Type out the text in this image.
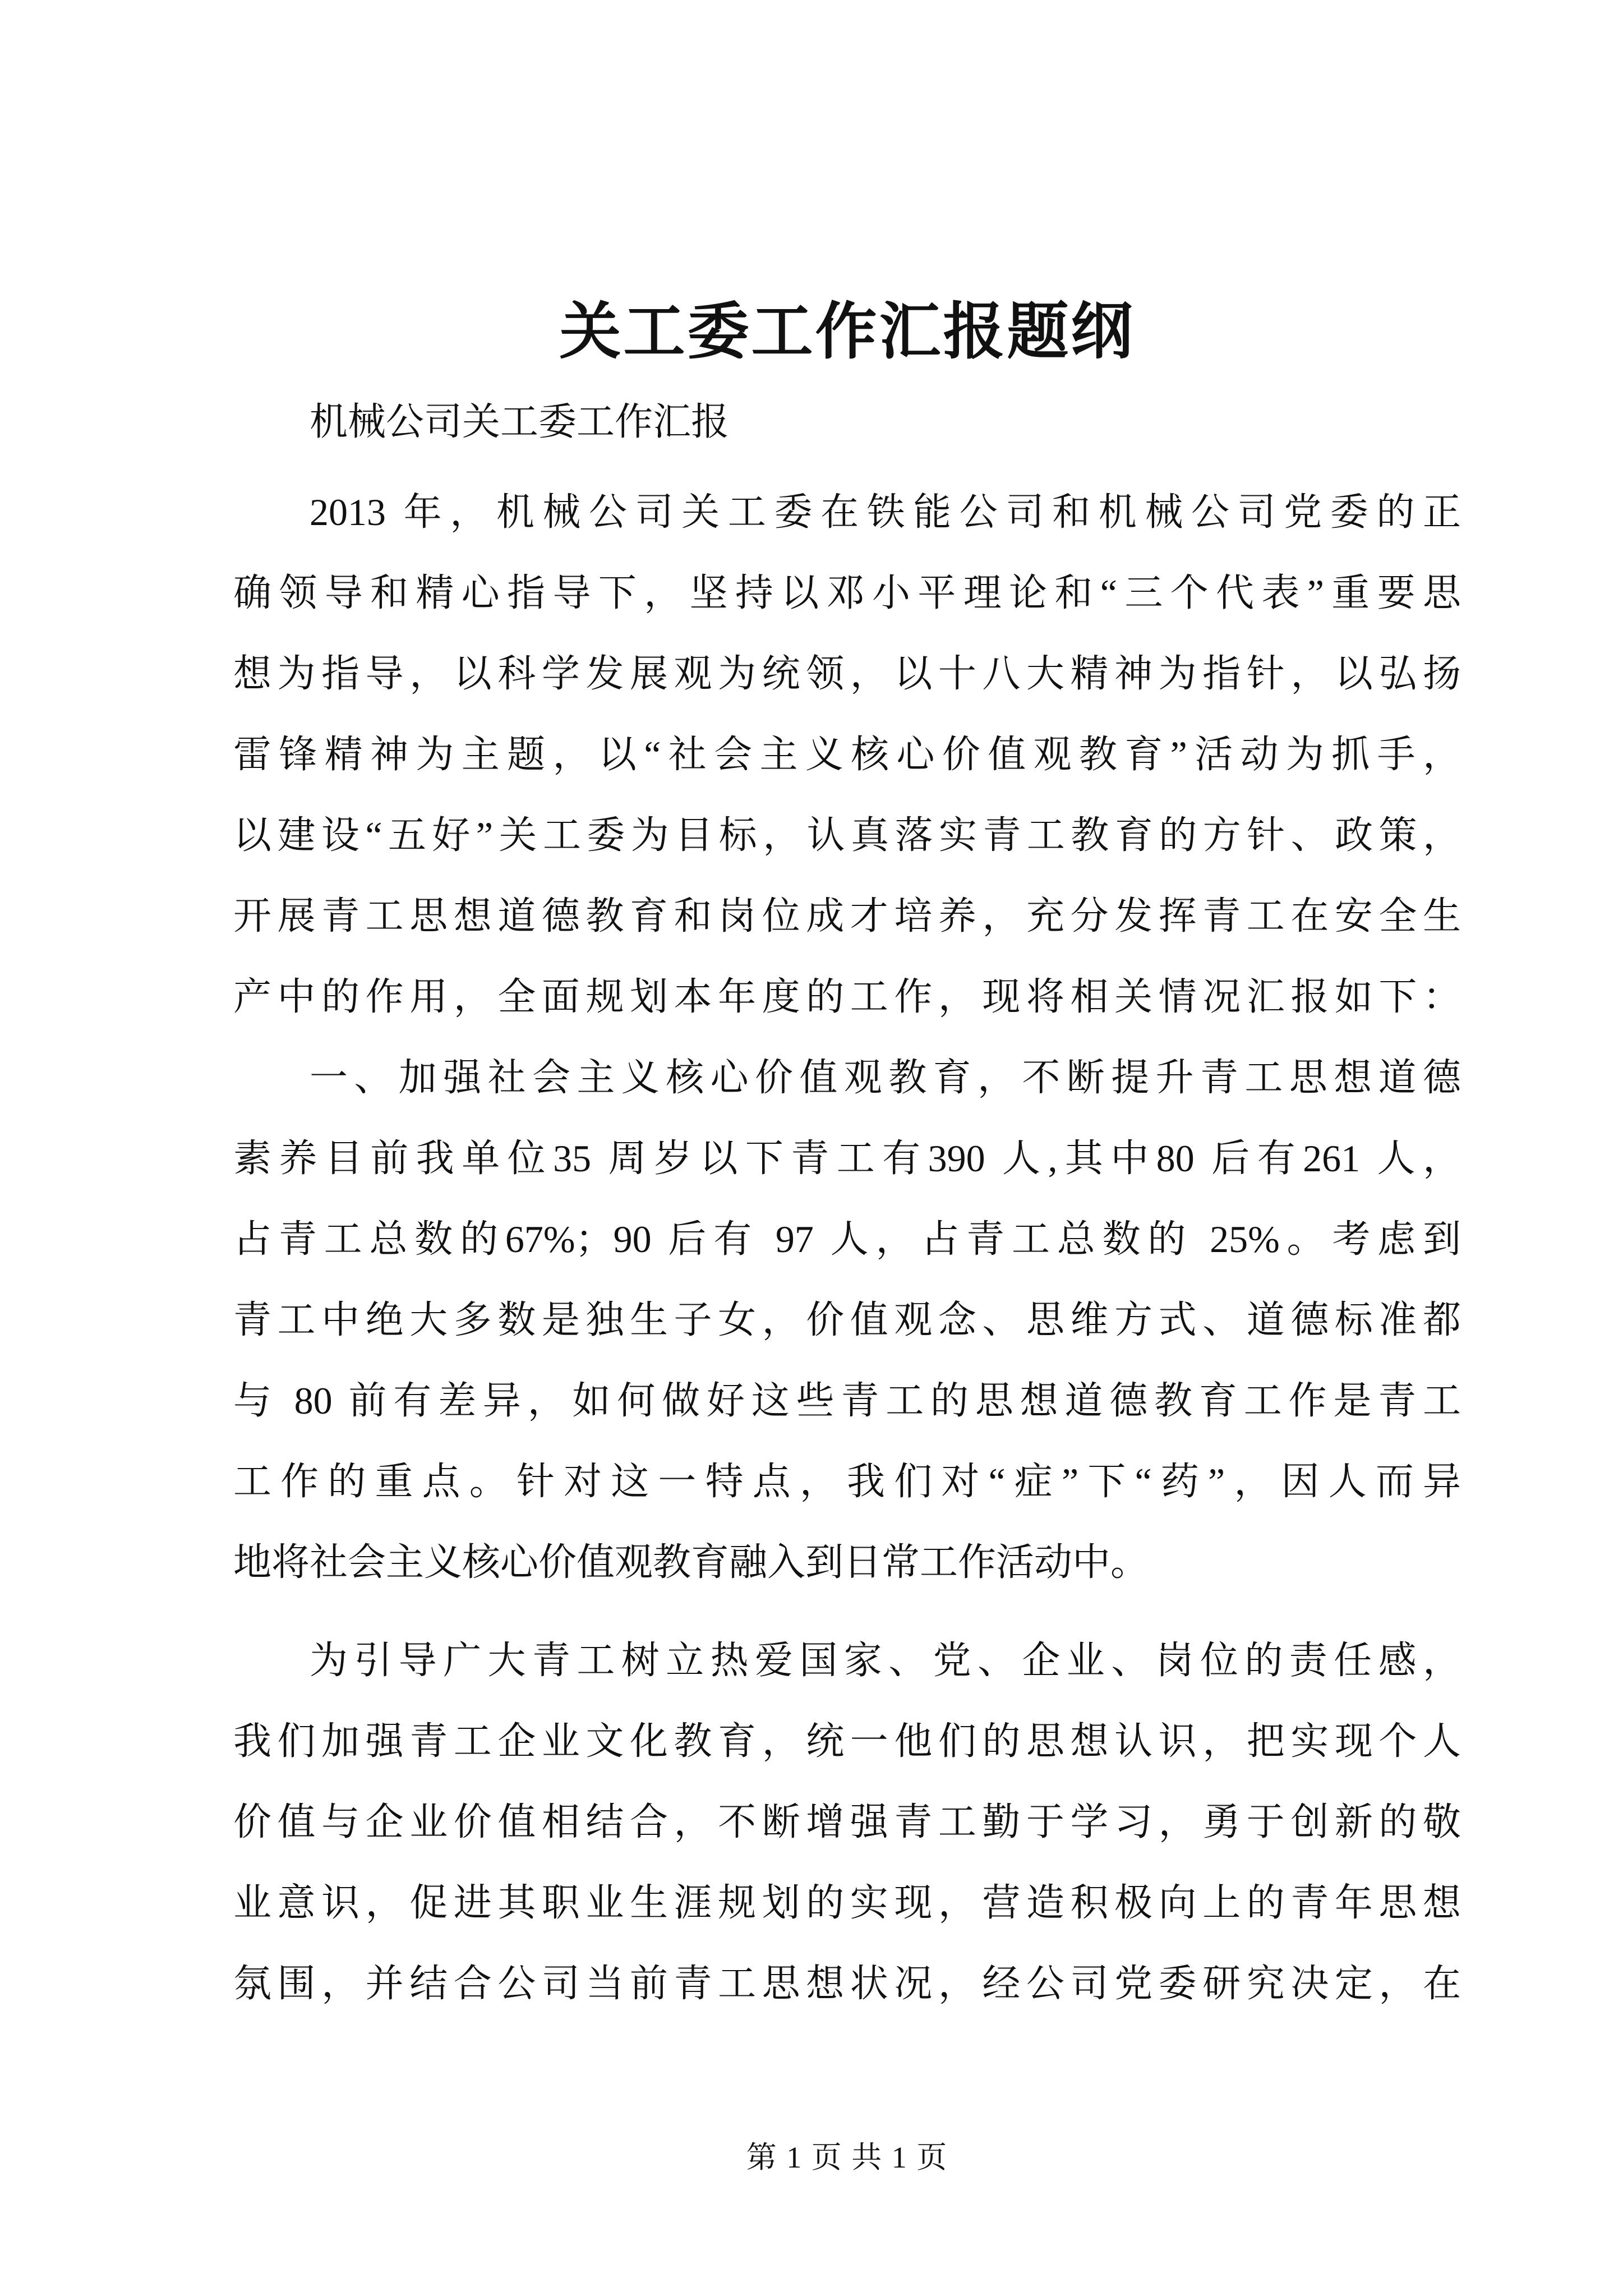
关工委工作汇报题纲
机械公司关工委工作汇报
2013 年，机械公司关工委在铁能公司和机械公司党委的正
确领导和精心指导下，坚持以邓小平理论和“三个代表”重要思
想为指导，以科学发展观为统领，以十八大精神为指针，以弘扬
雷锋精神为主题，以“社会主义核心价值观教育”活动为抓手，
以建设“五好”关工委为目标，认真落实青工教育的方针、政策，
开展青工思想道德教育和岗位成才培养，充分发挥青工在安全生
产中的作用，全面规划本年度的工作，现将相关情况汇报如下：
一、加强社会主义核心价值观教育，不断提升青工思想道德
素养目前我单位35 周岁以下青工有390 人,其中80 后有261 人，
占青工总数的67%；90 后有 97 人，占青工总数的 25%。考虑到
青工中绝大多数是独生子女，价值观念、思维方式、道德标准都
与 80 前有差异，如何做好这些青工的思想道德教育工作是青工
工作的重点。针对这一特点，我们对“症”下“药”，因人而异
地将社会主义核心价值观教育融入到日常工作活动中。
为引导广大青工树立热爱国家、党、企业、岗位的责任感，
我们加强青工企业文化教育，统一他们的思想认识，把实现个人
价值与企业价值相结合，不断增强青工勤于学习，勇于创新的敬
业意识，促进其职业生涯规划的实现，营造积极向上的青年思想
氛围，并结合公司当前青工思想状况，经公司党委研究决定，在
第 1 页 共 1 页
